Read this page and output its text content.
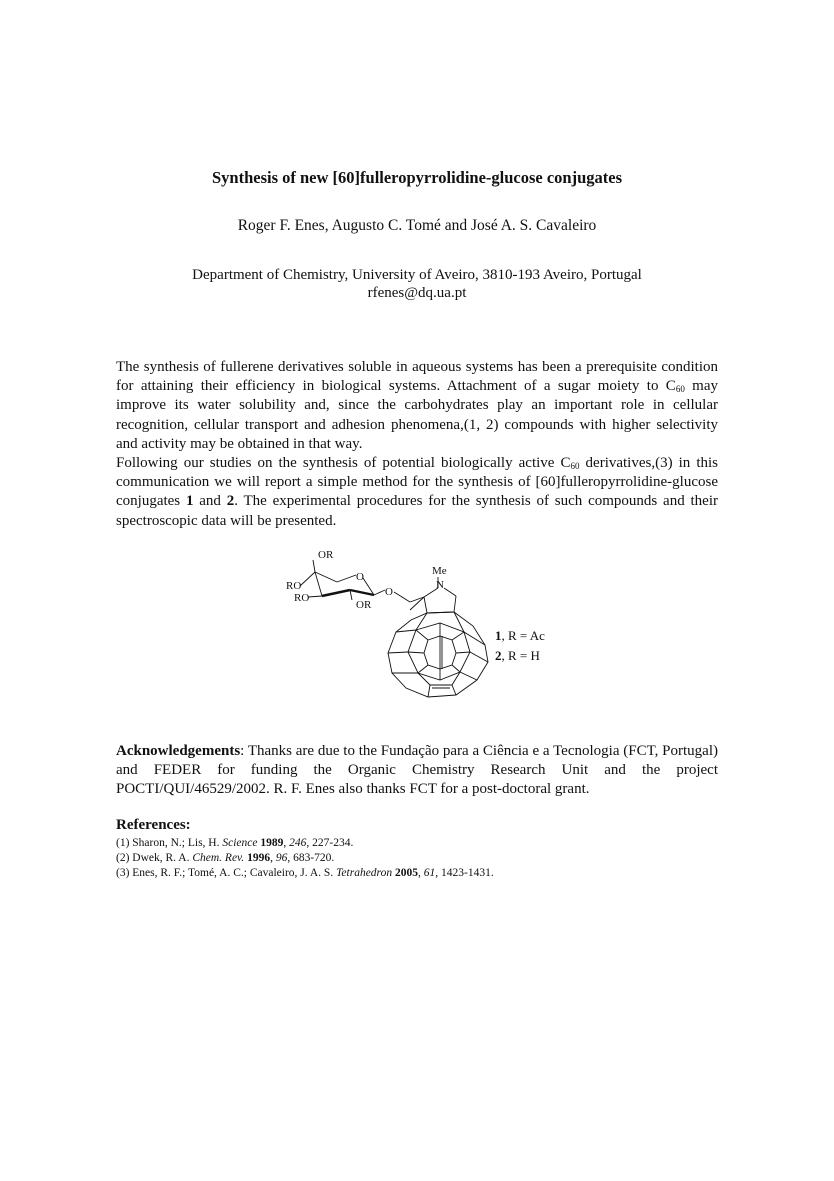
Synthesis of new [60]fulleropyrrolidine-glucose conjugates
Roger F. Enes, Augusto C. Tomé and José A. S. Cavaleiro
Department of Chemistry, University of Aveiro, 3810-193 Aveiro, Portugal
rfenes@dq.ua.pt

The synthesis of fullerene derivatives soluble in aqueous systems has been a prerequisite condition for attaining their efficiency in biological systems. Attachment of a sugar moiety to $C_{60}$ may improve its water solubility and, since the carbohydrates play an important role in cellular recognition, cellular transport and adhesion phenomena,(1, 2) compounds with higher selectivity and activity may be obtained in that way.

Following our studies on the synthesis of potential biologically active $C_{60}$ derivatives,(3) in this communication we will report a simple method for the synthesis of [60]fulleropyrrolidine-glucose conjugates 1 and 2. The experimental procedures for the synthesis of such compounds and their spectroscopic data will be presented.

OR
RO
RO
OR
O
O
N
Me
1, R = Ac
2, R = H

Acknowledgements: Thanks are due to the Fundação para a Ciência e a Tecnologia (FCT, Portugal) and FEDER for funding the Organic Chemistry Research Unit and the project POCTI/QUI/46529/2002. R. F. Enes also thanks FCT for a post-doctoral grant.

References:
(1) Sharon, N.; Lis, H. Science 1989, 246, 227-234.
(2) Dwek, R. A. Chem. Rev. 1996, 96, 683-720.
(3) Enes, R. F.; Tomé, A. C.; Cavaleiro, J. A. S. Tetrahedron 2005, 61, 1423-1431.
